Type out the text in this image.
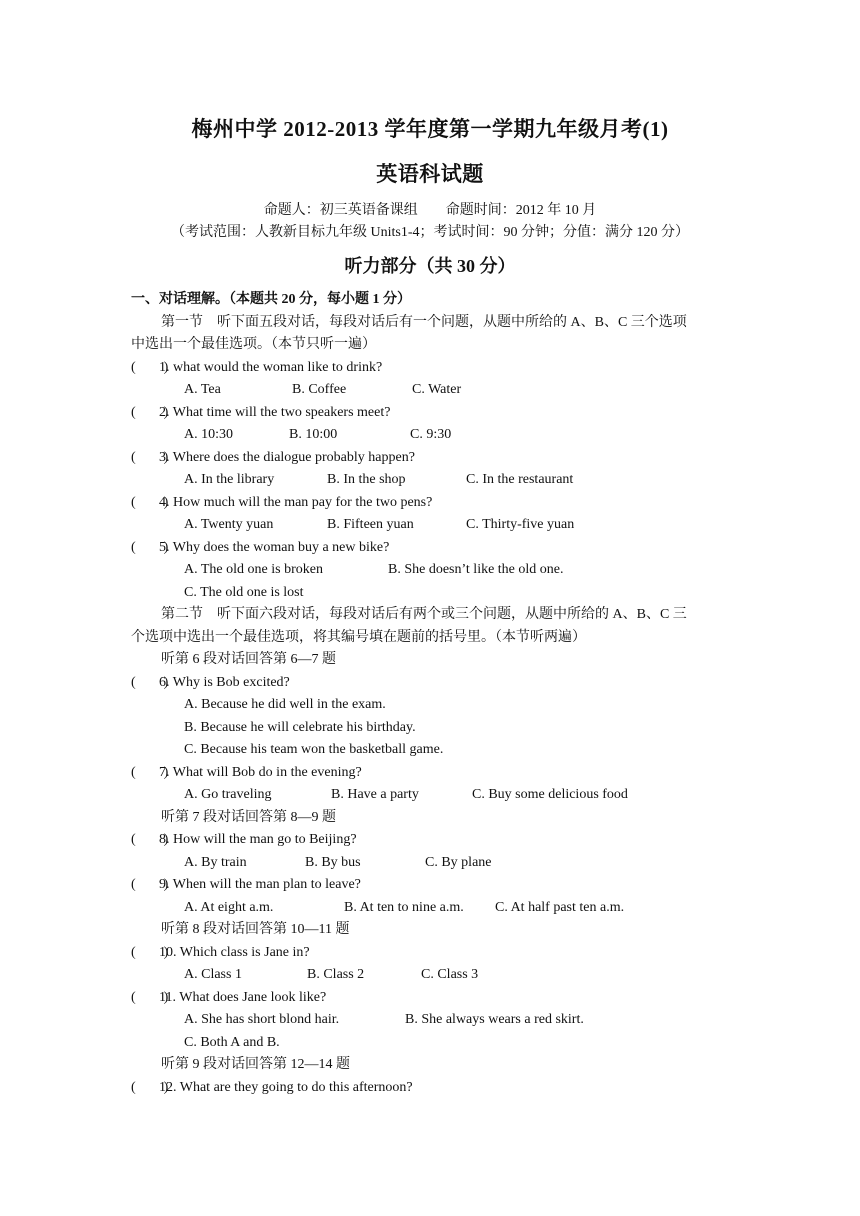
梅州中学 2012-2013 学年度第一学期九年级月考(1)
英语科试题
命题人：初三英语备课组　　命题时间：2012 年 10 月
（考试范围：人教新目标九年级 Units1-4；考试时间：90 分钟；分值：满分 120 分）
听力部分（共 30 分）
一、对话理解。（本题共 20 分，每小题 1 分）
第一节　听下面五段对话，每段对话后有一个问题，从题中所给的 A、B、C 三个选项
中选出一个最佳选项。（本节只听一遍）
(　　)1. what would the woman like to drink?
A. Tea	B. Coffee	C. Water
(　　)2. What time will the two speakers meet?
A. 10:30	B. 10:00	C. 9:30
(　　)3. Where does the dialogue probably happen?
A. In the library	B. In the shop	C. In the restaurant
(　　)4. How much will the man pay for the two pens?
A. Twenty yuan	B. Fifteen yuan	C. Thirty-five yuan
(　　)5. Why does the woman buy a new bike?
A. The old one is broken	B. She doesn’t like the old one.
C. The old one is lost
第二节　听下面六段对话，每段对话后有两个或三个问题，从题中所给的 A、B、C 三
个选项中选出一个最佳选项，将其编号填在题前的括号里。（本节听两遍）
听第 6 段对话回答第 6—7 题
(　　)6. Why is Bob excited?
A. Because he did well in the exam.
B. Because he will celebrate his birthday.
C. Because his team won the basketball game.
(　　)7. What will Bob do in the evening?
A. Go traveling	B. Have a party	C. Buy some delicious food
听第 7 段对话回答第 8—9 题
(　　)8. How will the man go to Beijing?
A. By train	B. By bus	C. By plane
(　　)9. When will the man plan to leave?
A. At eight a.m.	B. At ten to nine a.m. C. At half past ten a.m.
听第 8 段对话回答第 10—11 题
(　　)10. Which class is Jane in?
A. Class 1	B. Class 2	C. Class 3
(　　)11. What does Jane look like?
A. She has short blond hair.	B. She always wears a red skirt.
C. Both A and B.
听第 9 段对话回答第 12—14 题
(　　)12. What are they going to do this afternoon?
